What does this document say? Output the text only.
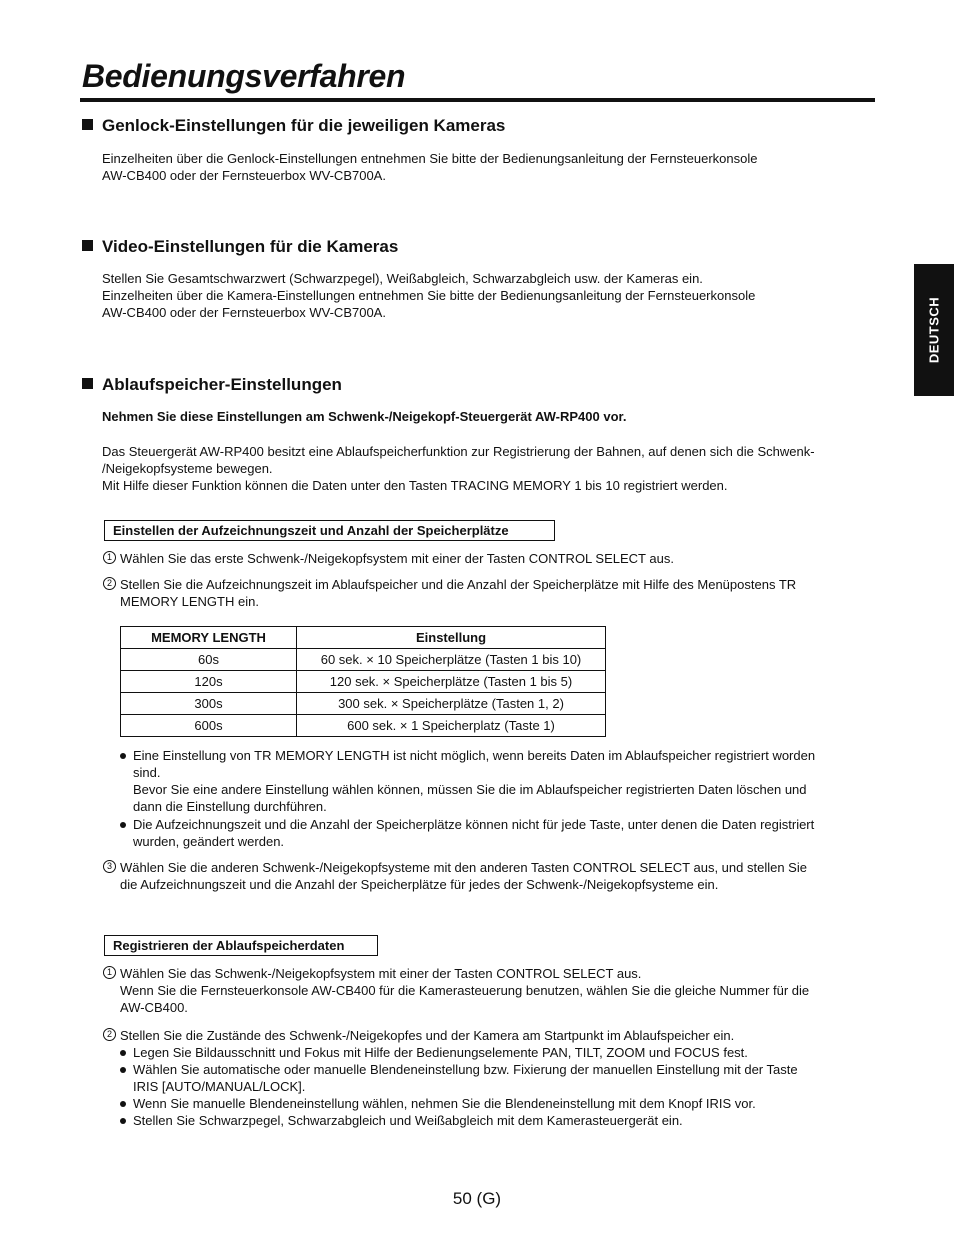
Bedienungsverfahren
DEUTSCH
Genlock-Einstellungen für die jeweiligen Kameras
Einzelheiten über die Genlock-Einstellungen entnehmen Sie bitte der Bedienungsanleitung der Fernsteuerkonsole
AW-CB400 oder der Fernsteuerbox WV-CB700A.
Video-Einstellungen für die Kameras
Stellen Sie Gesamtschwarzwert (Schwarzpegel), Weißabgleich, Schwarzabgleich usw. der Kameras ein.
Einzelheiten über die Kamera-Einstellungen entnehmen Sie bitte der Bedienungsanleitung der Fernsteuerkonsole
AW-CB400 oder der Fernsteuerbox WV-CB700A.
Ablaufspeicher-Einstellungen
Nehmen Sie diese Einstellungen am Schwenk-/Neigekopf-Steuergerät AW-RP400 vor.
Das Steuergerät AW-RP400 besitzt eine Ablaufspeicherfunktion zur Registrierung der Bahnen, auf denen sich die Schwenk-
/Neigekopfsysteme bewegen.
Mit Hilfe dieser Funktion können die Daten unter den Tasten TRACING MEMORY 1 bis 10 registriert werden.
Einstellen der Aufzeichnungszeit und Anzahl der Speicherplätze
1 Wählen Sie das erste Schwenk-/Neigekopfsystem mit einer der Tasten CONTROL SELECT aus.
2 Stellen Sie die Aufzeichnungszeit im Ablaufspeicher und die Anzahl der Speicherplätze mit Hilfe des Menüpostens TR
MEMORY LENGTH ein.
MEMORY LENGTH	Einstellung
60s	60 sek. × 10 Speicherplätze (Tasten 1 bis 10)
120s	120 sek. × Speicherplätze (Tasten 1 bis 5)
300s	300 sek. × Speicherplätze (Tasten 1, 2)
600s	600 sek. × 1 Speicherplatz (Taste 1)
Eine Einstellung von TR MEMORY LENGTH ist nicht möglich, wenn bereits Daten im Ablaufspeicher registriert worden
sind.
Bevor Sie eine andere Einstellung wählen können, müssen Sie die im Ablaufspeicher registrierten Daten löschen und
dann die Einstellung durchführen.
Die Aufzeichnungszeit und die Anzahl der Speicherplätze können nicht für jede Taste, unter denen die Daten registriert
wurden, geändert werden.
3 Wählen Sie die anderen Schwenk-/Neigekopfsysteme mit den anderen Tasten CONTROL SELECT aus, und stellen Sie
die Aufzeichnungszeit und die Anzahl der Speicherplätze für jedes der Schwenk-/Neigekopfsysteme ein.
Registrieren der Ablaufspeicherdaten
1 Wählen Sie das Schwenk-/Neigekopfsystem mit einer der Tasten CONTROL SELECT aus.
Wenn Sie die Fernsteuerkonsole AW-CB400 für die Kamerasteuerung benutzen, wählen Sie die gleiche Nummer für die
AW-CB400.
2 Stellen Sie die Zustände des Schwenk-/Neigekopfes und der Kamera am Startpunkt im Ablaufspeicher ein.
Legen Sie Bildausschnitt und Fokus mit Hilfe der Bedienungselemente PAN, TILT, ZOOM und FOCUS fest.
Wählen Sie automatische oder manuelle Blendeneinstellung bzw. Fixierung der manuellen Einstellung mit der Taste
IRIS [AUTO/MANUAL/LOCK].
Wenn Sie manuelle Blendeneinstellung wählen, nehmen Sie die Blendeneinstellung mit dem Knopf IRIS vor.
Stellen Sie Schwarzpegel, Schwarzabgleich und Weißabgleich mit dem Kamerasteuergerät ein.
50 (G)
